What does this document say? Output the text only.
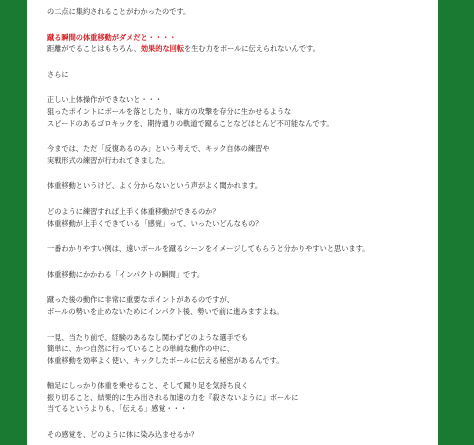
の二点に集約されることがわかったのです。
蹴る瞬間の体重移動がダメだと・・・・
距離がでることはもちろん、効果的な回転を生む力をボールに伝えられないんです。
さらに
正しい上体操作ができないと・・・
狙ったポイントにボールを落としたり、味方の攻撃を存分に生かせるような
スピードのあるゴロキックを、期待通りの軌道で蹴ることなどほとんど不可能なんです。
今までは、ただ「反復あるのみ」という考えで、キック自体の練習や
実戦形式の練習が行われてきました。
体重移動というけど、よく分からないという声がよく聞かれます。
どのように練習すれば上手く体重移動ができるのか？
体重移動が上手くできている「感覚」って、いったいどんなもの？
一番わかりやすい例は、遠いボールを蹴るシーンをイメージしてもらうと分かりやすいと思います。
体重移動にかかわる「インパクトの瞬間」です。
蹴った後の動作に非常に重要なポイントがあるのですが、
ボールの勢いを止めないためにインパクト後、勢いで前に進みますよね。
一見、当たり前で、経験のあるなし関わずどのような選手でも
簡単に、かつ自然に行っていることの単純な動作の中に、
体重移動を効率よく使い、キックしたボールに伝える秘密があるんです。
軸足にしっかり体重を乗せること、そして蹴り足を気持ち良く
振り切ること、結果的に生み出される加速の力を『殺さないように』ボールに
当てるというよりも、「伝える」感覚・・・
その感覚を、どのように体に染み込ませるか？
